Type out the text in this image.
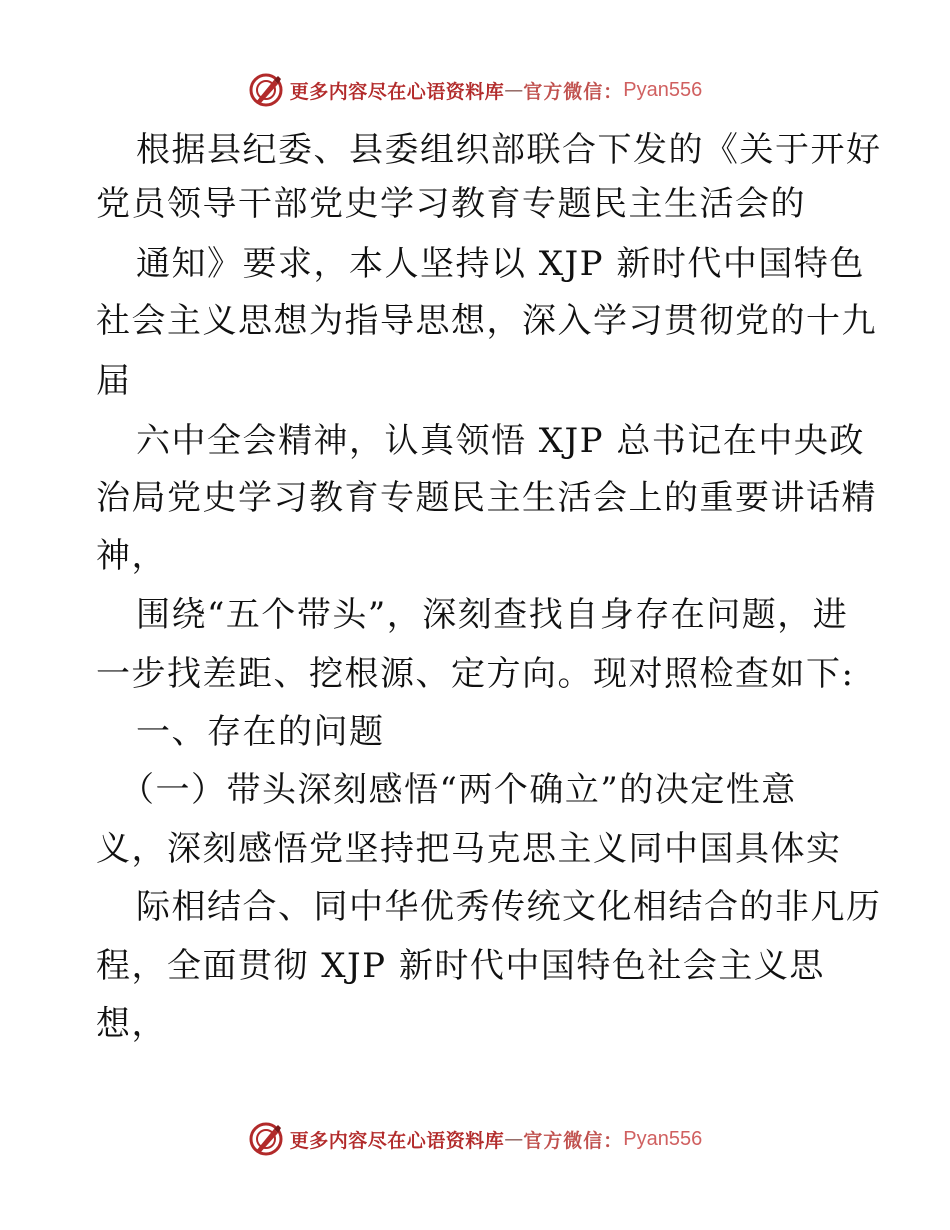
更多内容尽在心语资料库 — 官方微信： Pyan556
根据县纪委、县委组织部联合下发的《关于开好
党员领导干部党史学习教育专题民主生活会的
通知》要求，本人坚持以 XJP 新时代中国特色
社会主义思想为指导思想，深入学习贯彻党的十九
届
六中全会精神，认真领悟 XJP 总书记在中央政
治局党史学习教育专题民主生活会上的重要讲话精
神，
围绕“五个带头”，深刻查找自身存在问题，进
一步找差距、挖根源、定方向。现对照检查如下:
一、存在的问题
（一）带头深刻感悟“两个确立”的决定性意
义，深刻感悟党坚持把马克思主义同中国具体实
际相结合、同中华优秀传统文化相结合的非凡历
程，全面贯彻 XJP 新时代中国特色社会主义思
想，
更多内容尽在心语资料库 — 官方微信： Pyan556
